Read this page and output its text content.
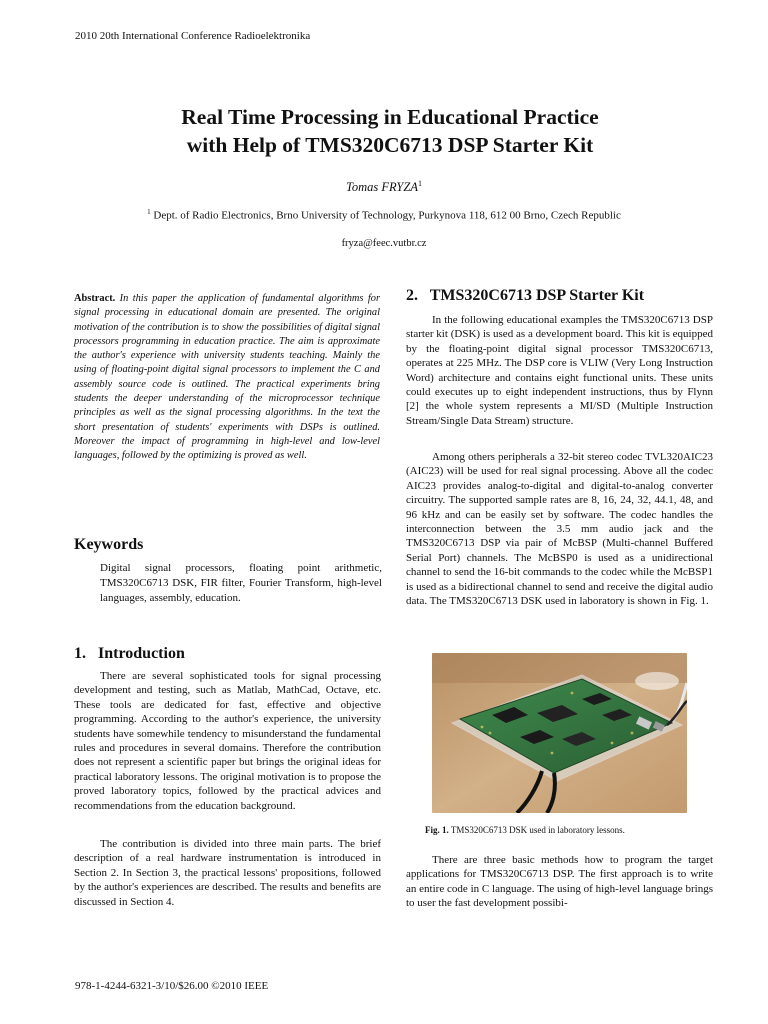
2010 20th International Conference Radioelektronika
Real Time Processing in Educational Practice
with Help of TMS320C6713 DSP Starter Kit
Tomas FRYZA$^1$
$^1$ Dept. of Radio Electronics, Brno University of Technology, Purkynova 118, 612 00 Brno, Czech Republic
fryza@feec.vutbr.cz
Abstract. In this paper the application of fundamental algorithms for signal processing in educational domain are presented. The original motivation of the contribution is to show the possibilities of digital signal processors programming in education practice. The aim is approximate the author's experience with university students teaching. Mainly the using of floating-point digital signal processors to implement the C and assembly source code is outlined. The practical experiments bring students the deeper understanding of the microprocessor technique principles as well as the signal processing algorithms. In the text the short presentation of students' experiments with DSPs is outlined. Moreover the impact of programming in high-level and low-level languages, followed by the optimizing is proved as well.
Keywords
Digital signal processors, floating point arithmetic, TMS320C6713 DSK, FIR filter, Fourier Transform, high-level languages, assembly, education.
1.   Introduction
There are several sophisticated tools for signal processing development and testing, such as Matlab, MathCad, Octave, etc. These tools are dedicated for fast, effective and objective programming. According to the author's experience, the university students have somewhile tendency to misunderstand the fundamental rules and procedures in several domains. Therefore the contribution does not represent a scientific paper but brings the original ideas for practical laboratory lessons. The original motivation is to propose the proved laboratory topics, followed by the practical advices and recommendations from the education background.
The contribution is divided into three main parts. The brief description of a real hardware instrumentation is introduced in Section 2. In Section 3, the practical lessons' propositions, followed by the author's experiences are described. The results and benefits are discussed in Section 4.
2.   TMS320C6713 DSP Starter Kit
In the following educational examples the TMS320C6713 DSP starter kit (DSK) is used as a development board. This kit is equipped by the floating-point digital signal processor TMS320C6713, operates at 225 MHz. The DSP core is VLIW (Very Long Instruction Word) architecture and contains eight functional units. These units could executes up to eight independent instructions, thus by Flynn [2] the whole system represents a MI/SD (Multiple Instruction Stream/Single Data Stream) structure.
Among others peripherals a 32-bit stereo codec TVL320AIC23 (AIC23) will be used for real signal processing. Above all the codec AIC23 provides analog-to-digital and digital-to-analog converter circuitry. The supported sample rates are 8, 16, 24, 32, 44.1, 48, and 96 kHz and can be easily set by software. The codec handles the interconnection between the 3.5 mm audio jack and the TMS320C6713 DSP via pair of McBSP (Multi-channel Buffered Serial Port) channels. The McBSP0 is used as a unidirectional channel to send the 16-bit commands to the codec while the McBSP1 is used as a bidirectional channel to send and receive the digital audio data. The TMS320C6713 DSK used in laboratory is shown in Fig. 1.
Fig. 1. TMS320C6713 DSK used in laboratory lessons.
There are three basic methods how to program the target applications for TMS320C6713 DSP. The first approach is to write an entire code in C language. The using of high-level language brings to user the fast development possibi-
978-1-4244-6321-3/10/$26.00 ©2010 IEEE
